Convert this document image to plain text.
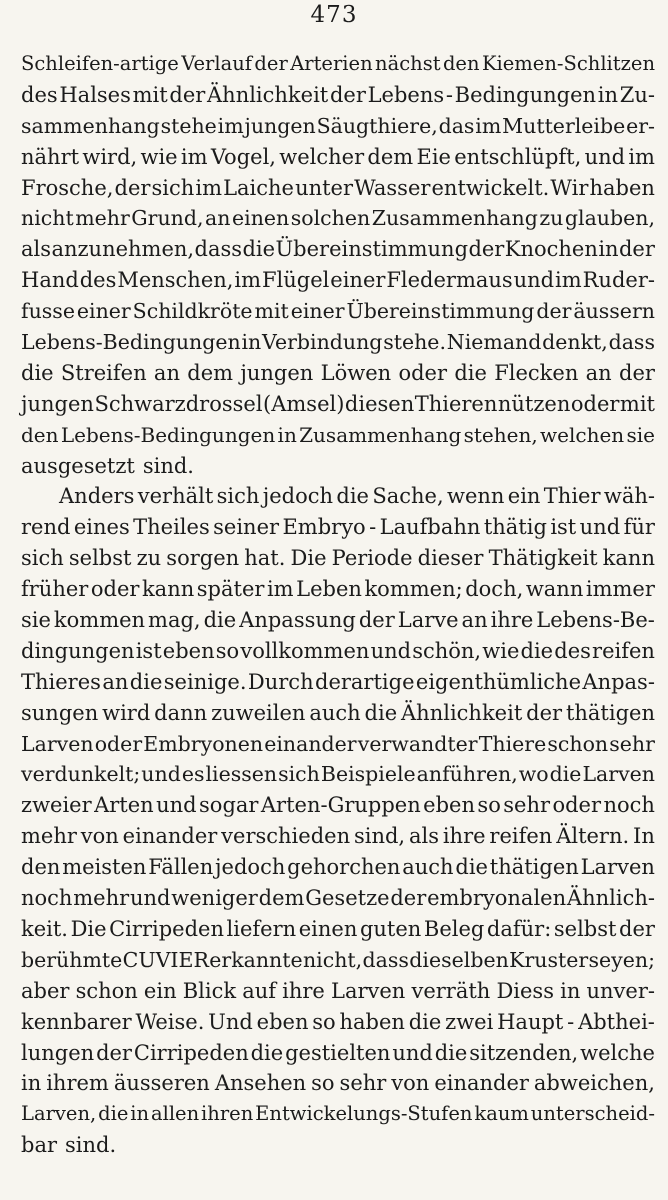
473
Schleifen-artige Verlauf der Arterien nächst den Kiemen-Schlitzen
des Halses mit der Ähnlichkeit der Lebens - Bedingungen in Zu-
sammenhang stehe im jungen Säugthiere, das im Mutterleibe er-
nährt wird, wie im Vogel, welcher dem Eie entschlüpft, und im
Frosche, der sich im Laiche unter Wasser entwickelt. Wir haben
nicht mehr Grund, an einen solchen Zusammenhang zu glauben,
als anzunehmen, dass die Übereinstimmung der Knochen in der
Hand des Menschen, im Flügel einer Fledermaus und im Ruder-
fusse einer Schildkröte mit einer Übereinstimmung der äussern
Lebens-Bedingungen in Verbindung stehe. Niemand denkt, dass
die Streifen an dem jungen Löwen oder die Flecken an der
jungen Schwarzdrossel (Amsel) diesen Thieren nützen oder mit
den Lebens-Bedingungen in Zusammenhang stehen, welchen sie
ausgesetzt sind.
Anders verhält sich jedoch die Sache, wenn ein Thier wäh-
rend eines Theiles seiner Embryo - Laufbahn thätig ist und für
sich selbst zu sorgen hat. Die Periode dieser Thätigkeit kann
früher oder kann später im Leben kommen; doch, wann immer
sie kommen mag, die Anpassung der Larve an ihre Lebens-Be-
dingungen ist eben so vollkommen und schön, wie die des reifen
Thieres an die seinige. Durch derartige eigenthümliche Anpas-
sungen wird dann zuweilen auch die Ähnlichkeit der thätigen
Larven oder Embryonen einander verwandter Thiere schon sehr
verdunkelt; und es liessen sich Beispiele anführen, wo die Larven
zweier Arten und sogar Arten-Gruppen eben so sehr oder noch
mehr von einander verschieden sind, als ihre reifen Ältern. In
den meisten Fällen jedoch gehorchen auch die thätigen Larven
noch mehr und weniger dem Gesetze der embryonalen Ähnlich-
keit. Die Cirripeden liefern einen guten Beleg dafür: selbst der
berühmte CUVIER erkannte nicht, dass dieselben Kruster seyen;
aber schon ein Blick auf ihre Larven verräth Diess in unver-
kennbarer Weise. Und eben so haben die zwei Haupt - Abthei-
lungen der Cirripeden die gestielten und die sitzenden, welche
in ihrem äusseren Ansehen so sehr von einander abweichen,
Larven, die in allen ihren Entwickelungs-Stufen kaum unterscheid-
bar sind.
